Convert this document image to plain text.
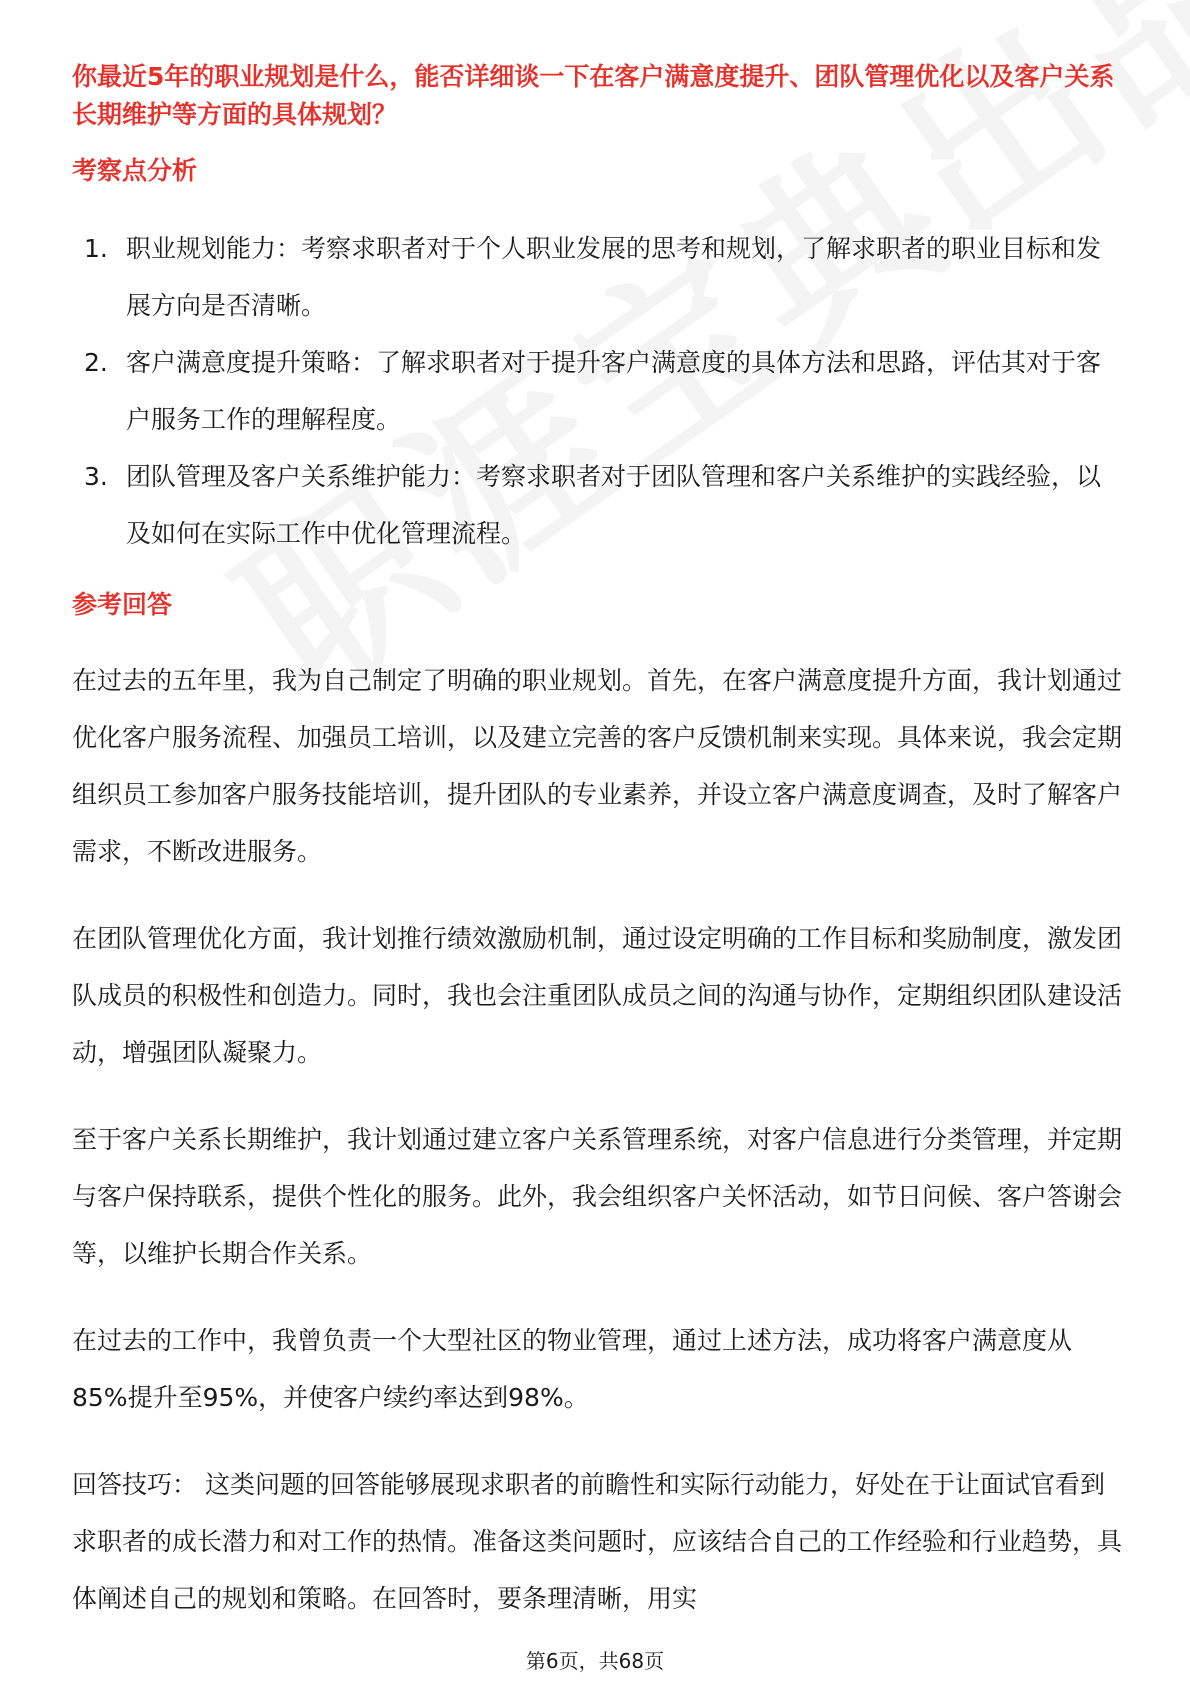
你最近5年的职业规划是什么，能否详细谈一下在客户满意度提升、团队管理优化以及客户关系长期维护等方面的具体规划？

考察点分析

1. 职业规划能力：考察求职者对于个人职业发展的思考和规划，了解求职者的职业目标和发展方向是否清晰。
2. 客户满意度提升策略：了解求职者对于提升客户满意度的具体方法和思路，评估其对于客户服务工作的理解程度。
3. 团队管理及客户关系维护能力：考察求职者对于团队管理和客户关系维护的实践经验，以及如何在实际工作中优化管理流程。

参考回答

在过去的五年里，我为自己制定了明确的职业规划。首先，在客户满意度提升方面，我计划通过优化客户服务流程、加强员工培训，以及建立完善的客户反馈机制来实现。具体来说，我会定期组织员工参加客户服务技能培训，提升团队的专业素养，并设立客户满意度调查，及时了解客户需求，不断改进服务。

在团队管理优化方面，我计划推行绩效激励机制，通过设定明确的工作目标和奖励制度，激发团队成员的积极性和创造力。同时，我也会注重团队成员之间的沟通与协作，定期组织团队建设活动，增强团队凝聚力。

至于客户关系长期维护，我计划通过建立客户关系管理系统，对客户信息进行分类管理，并定期与客户保持联系，提供个性化的服务。此外，我会组织客户关怀活动，如节日问候、客户答谢会等，以维护长期合作关系。

在过去的工作中，我曾负责一个大型社区的物业管理，通过上述方法，成功将客户满意度从85%提升至95%，并使客户续约率达到98%。

回答技巧： 这类问题的回答能够展现求职者的前瞻性和实际行动能力，好处在于让面试官看到求职者的成长潜力和对工作的热情。准备这类问题时，应该结合自己的工作经验和行业趋势，具体阐述自己的规划和策略。在回答时，要条理清晰，用实

第6页，共68页
